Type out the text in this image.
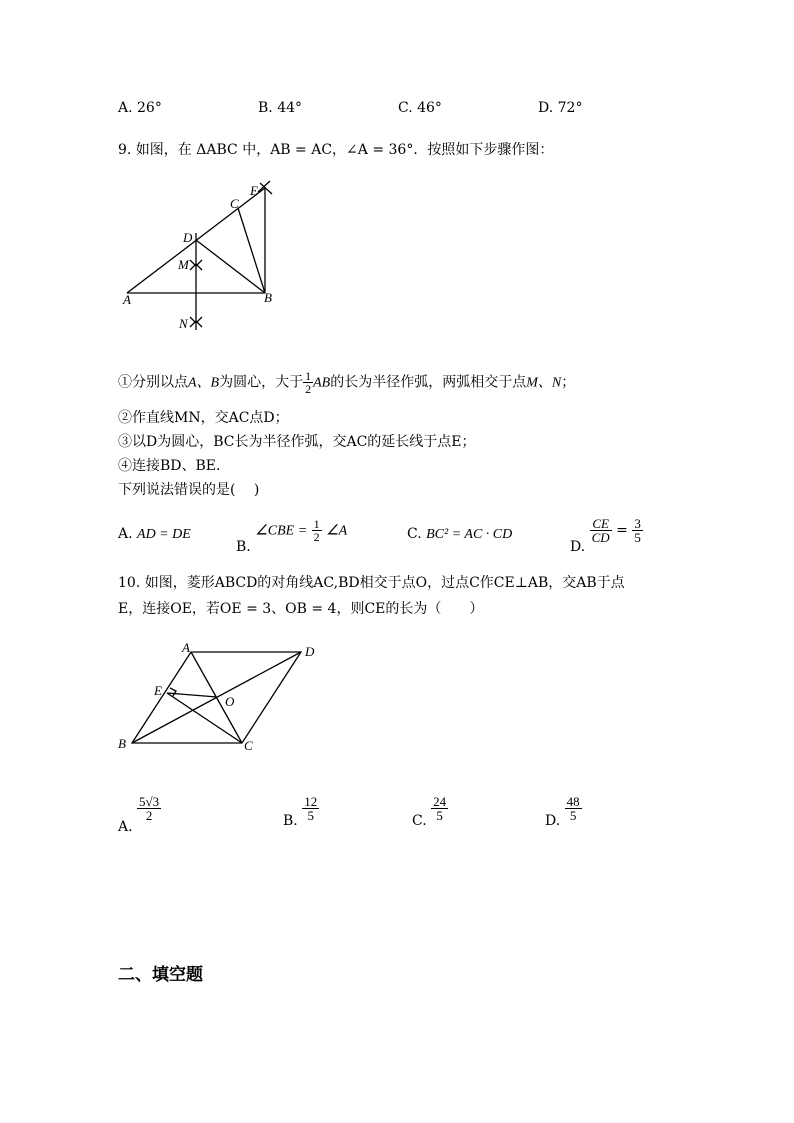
A. 26°	B. 44°	C. 46°	D. 72°
9. 如图，在 ΔABC 中，AB = AC，∠A = 36°．按照如下步骤作图：
A	B
C
D
E
M
N
①分别以点A、B为圆心，大于 $\frac{1}{2}$ AB的长为半径作弧，两弧相交于点M、N；
②作直线MN，交AC点D；
③以D为圆心，BC长为半径作弧，交AC的延长线于点E；
④连接BD、BE.
下列说法错误的是(　 )
A. AD = DE
B. ∠CBE = $\frac{1}{2}$ ∠A	C. BC² = AC · CD
D.
$\frac{CE}{CD} = \frac{3}{5}$
10. 如图，菱形ABCD的对角线AC,BD相交于点O，过点C作CE⊥AB，交AB于点
E，连接OE，若OE = 3、OB = 4，则CE的长为（　　）
A	D
E
O
B	C
A.
$\frac{5√3}{2}$	B. $\frac{12}{5}$	C. $\frac{24}{5}$	D. $\frac{48}{5}$
二、填空题
